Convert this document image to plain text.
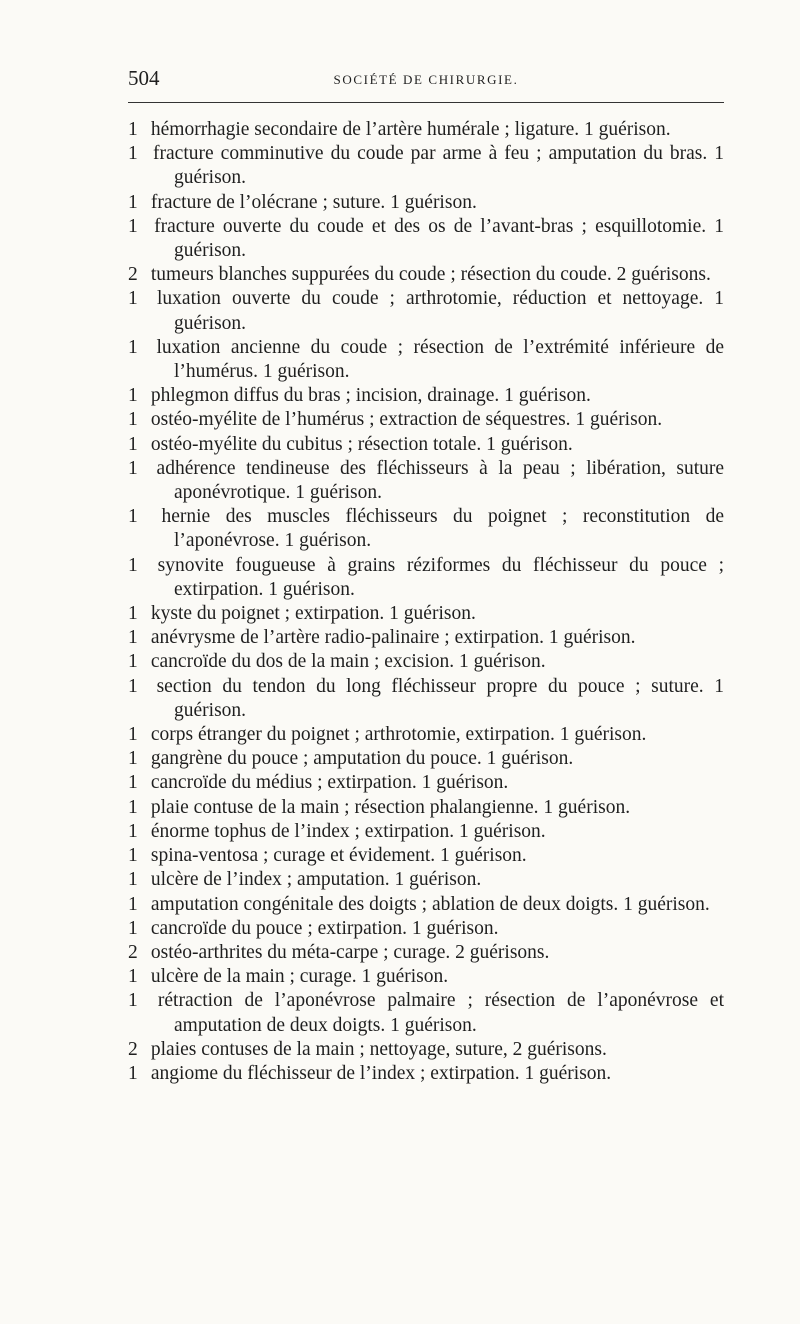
504	SOCIÉTÉ DE CHIRURGIE.
1 hémorrhagie secondaire de l’artère humérale ; ligature. 1 guérison.
1 fracture comminutive du coude par arme à feu ; amputation du bras. 1 guérison.
1 fracture de l’olécrane ; suture. 1 guérison.
1 fracture ouverte du coude et des os de l’avant-bras ; esquillotomie. 1 guérison.
2 tumeurs blanches suppurées du coude ; résection du coude. 2 guérisons.
1 luxation ouverte du coude ; arthrotomie, réduction et nettoyage. 1 guérison.
1 luxation ancienne du coude ; résection de l’extrémité inférieure de l’humérus. 1 guérison.
1 phlegmon diffus du bras ; incision, drainage. 1 guérison.
1 ostéo-myélite de l’humérus ; extraction de séquestres. 1 guérison.
1 ostéo-myélite du cubitus ; résection totale. 1 guérison.
1 adhérence tendineuse des fléchisseurs à la peau ; libération, suture aponévrotique. 1 guérison.
1 hernie des muscles fléchisseurs du poignet ; reconstitution de l’aponévrose. 1 guérison.
1 synovite fougueuse à grains réziformes du fléchisseur du pouce ; extirpation. 1 guérison.
1 kyste du poignet ; extirpation. 1 guérison.
1 anévrysme de l’artère radio-palinaire ; extirpation. 1 guérison.
1 cancroïde du dos de la main ; excision. 1 guérison.
1 section du tendon du long fléchisseur propre du pouce ; suture. 1 guérison.
1 corps étranger du poignet ; arthrotomie, extirpation. 1 guérison.
1 gangrène du pouce ; amputation du pouce. 1 guérison.
1 cancroïde du médius ; extirpation. 1 guérison.
1 plaie contuse de la main ; résection phalangienne. 1 guérison.
1 énorme tophus de l’index ; extirpation. 1 guérison.
1 spina-ventosa ; curage et évidement. 1 guérison.
1 ulcère de l’index ; amputation. 1 guérison.
1 amputation congénitale des doigts ; ablation de deux doigts. 1 guérison.
1 cancroïde du pouce ; extirpation. 1 guérison.
2 ostéo-arthrites du méta-carpe ; curage. 2 guérisons.
1 ulcère de la main ; curage. 1 guérison.
1 rétraction de l’aponévrose palmaire ; résection de l’aponévrose et amputation de deux doigts. 1 guérison.
2 plaies contuses de la main ; nettoyage, suture, 2 guérisons.
1 angiome du fléchisseur de l’index ; extirpation. 1 guérison.
